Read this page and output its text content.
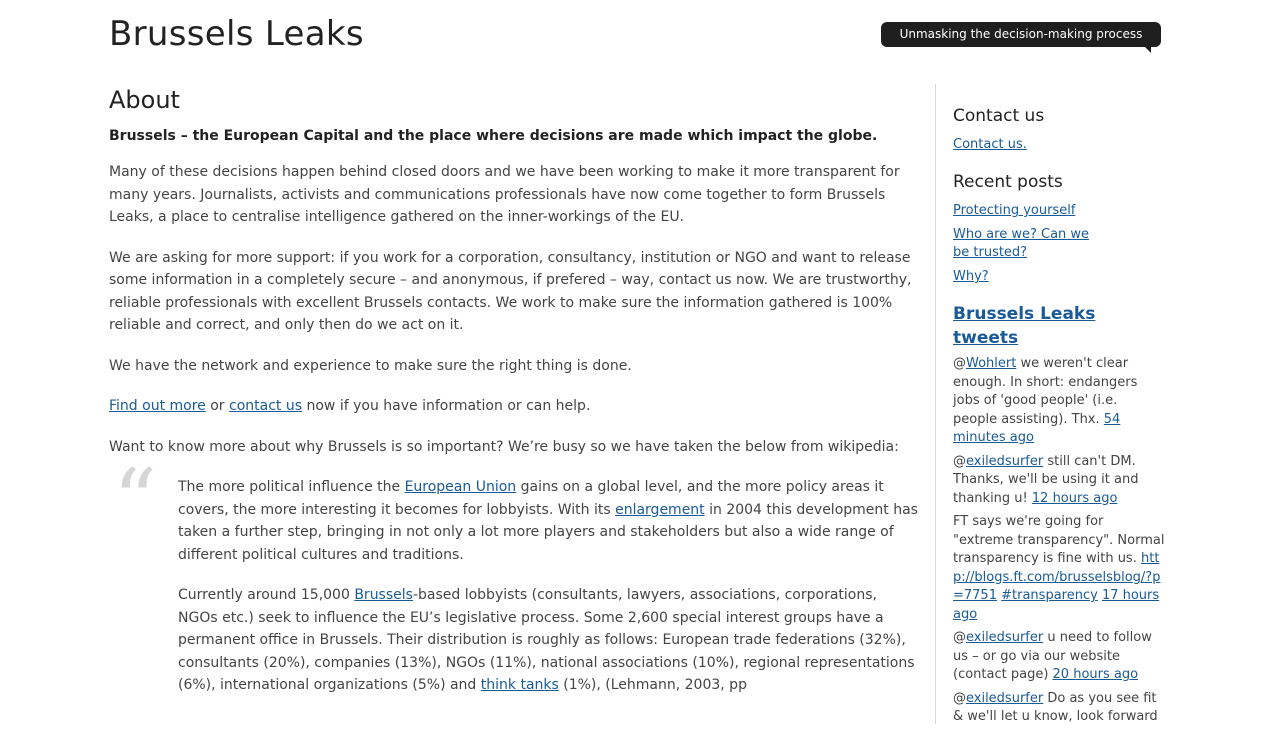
Brussels Leaks	Unmasking the decision-making process
About

Brussels – the European Capital and the place where decisions are made which impact the globe.

Many of these decisions happen behind closed doors and we have been working to make it more transparent for many years. Journalists, activists and communications professionals have now come together to form Brussels Leaks, a place to centralise intelligence gathered on the inner-workings of the EU.

We are asking for more support: if you work for a corporation, consultancy, institution or NGO and want to release some information in a completely secure – and anonymous, if prefered – way, contact us now. We are trustworthy, reliable professionals with excellent Brussels contacts. We work to make sure the information gathered is 100% reliable and correct, and only then do we act on it.

We have the network and experience to make sure the right thing is done.

Find out more or contact us now if you have information or can help.

Want to know more about why Brussels is so important? We’re busy so we have taken the below from wikipedia:

“ The more political influence the European Union gains on a global level, and the more policy areas it covers, the more interesting it becomes for lobbyists. With its enlargement in 2004 this development has taken a further step, bringing in not only a lot more players and stakeholders but also a wide range of different political cultures and traditions.

Currently around 15,000 Brussels-based lobbyists (consultants, lawyers, associations, corporations, NGOs etc.) seek to influence the EU’s legislative process. Some 2,600 special interest groups have a permanent office in Brussels. Their distribution is roughly as follows: European trade federations (32%), consultants (20%), companies (13%), NGOs (11%), national associations (10%), regional representations (6%), international organizations (5%) and think tanks (1%), (Lehmann, 2003, pp

Contact us
Contact us.
Recent posts
Protecting yourself
Who are we? Can we be trusted?
Why?
Brussels Leaks tweets
@Wohlert we weren't clear enough. In short: endangers jobs of 'good people' (i.e. people assisting). Thx. 54 minutes ago
@exiledsurfer still can't DM. Thanks, we'll be using it and thanking u! 12 hours ago
FT says we're going for "extreme transparency". Normal transparency is fine with us. http://blogs.ft.com/brusselsblog/?p=7751 #transparency 17 hours ago
@exiledsurfer u need to follow us – or go via our website (contact page) 20 hours ago
@exiledsurfer Do as you see fit & we'll let u know, look forward
